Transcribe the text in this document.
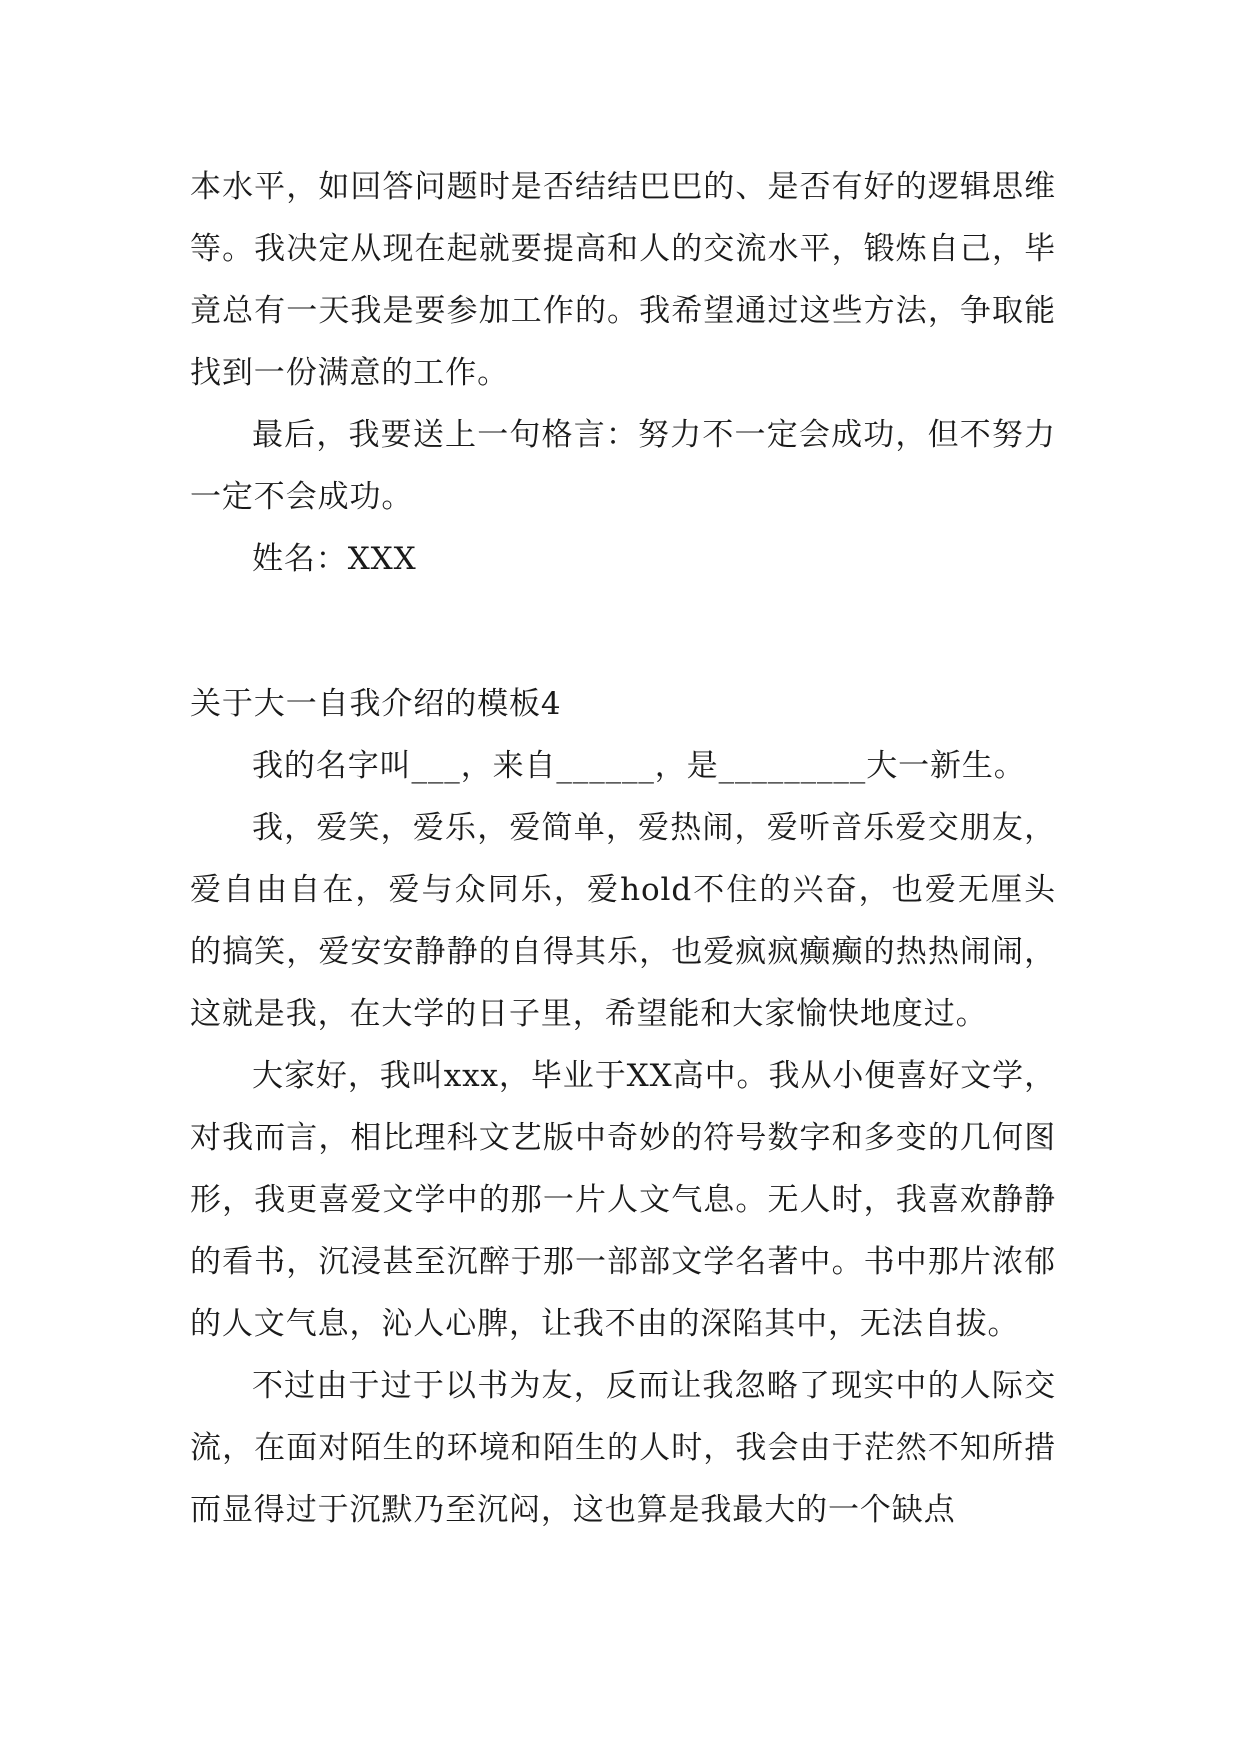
本水平，如回答问题时是否结结巴巴的、是否有好的逻辑思维等。我决定从现在起就要提高和人的交流水平，锻炼自己，毕竟总有一天我是要参加工作的。我希望通过这些方法，争取能找到一份满意的工作。

最后，我要送上一句格言：努力不一定会成功，但不努力一定不会成功。

姓名：XXX

关于大一自我介绍的模板4

我的名字叫___，来自______，是_________大一新生。

我，爱笑，爱乐，爱简单，爱热闹，爱听音乐爱交朋友，爱自由自在，爱与众同乐，爱hold不住的兴奋，也爱无厘头的搞笑，爱安安静静的自得其乐，也爱疯疯癫癫的热热闹闹，这就是我，在大学的日子里，希望能和大家愉快地度过。

大家好，我叫xxx，毕业于XX高中。我从小便喜好文学，对我而言，相比理科文艺版中奇妙的符号数字和多变的几何图形，我更喜爱文学中的那一片人文气息。无人时，我喜欢静静的看书，沉浸甚至沉醉于那一部部文学名著中。书中那片浓郁的人文气息，沁人心脾，让我不由的深陷其中，无法自拔。

不过由于过于以书为友，反而让我忽略了现实中的人际交流，在面对陌生的环境和陌生的人时，我会由于茫然不知所措而显得过于沉默乃至沉闷，这也算是我最大的一个缺点
